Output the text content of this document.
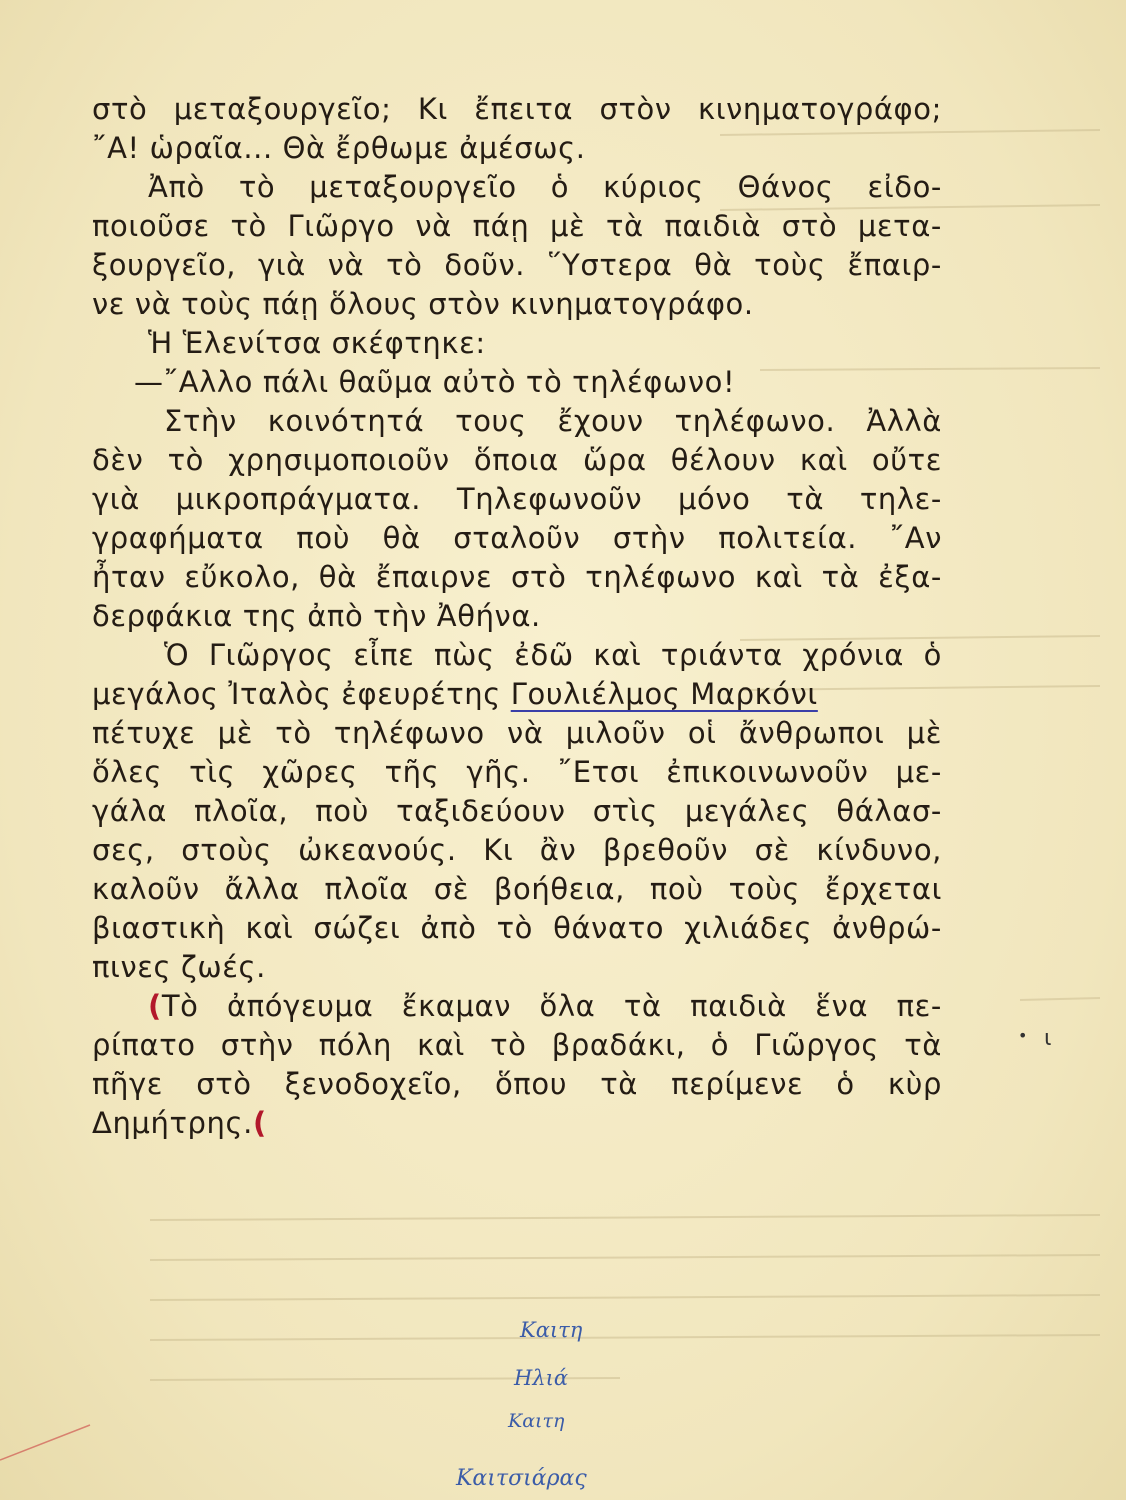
στὸ μεταξουργεῖο; Κι ἔπειτα στὸν κινηματογράφο;
῎Α! ὡραῖα... Θὰ ἔρθωμε ἀμέσως.
Ἀπὸ τὸ μεταξουργεῖο ὁ κύριος Θάνος εἰδο-
ποιοῦσε τὸ Γιῶργο νὰ πάῃ μὲ τὰ παιδιὰ στὸ μετα-
ξουργεῖο, γιὰ νὰ τὸ δοῦν. ῞Υστερα θὰ τοὺς ἔπαιρ-
νε νὰ τοὺς πάῃ ὅλους στὸν κινηματογράφο.
Ἡ Ἑλενίτσα σκέφτηκε:
—῎Αλλο πάλι θαῦμα αὐτὸ τὸ τηλέφωνο!
Στὴν κοινότητά τους ἔχουν τηλέφωνο. Ἀλλὰ
δὲν τὸ χρησιμοποιοῦν ὅποια ὥρα θέλουν καὶ οὔτε
γιὰ μικροπράγματα. Τηλεφωνοῦν μόνο τὰ τηλε-
γραφήματα ποὺ θὰ σταλοῦν στὴν πολιτεία. ῎Αν
ἦταν εὔκολο, θὰ ἔπαιρνε στὸ τηλέφωνο καὶ τὰ ἐξα-
δερφάκια της ἀπὸ τὴν Ἀθήνα.
Ὁ Γιῶργος εἶπε πὼς ἐδῶ καὶ τριάντα χρόνια ὁ
μεγάλος Ἰταλὸς ἐφευρέτης Γουλιέλμος Μαρκόνι
πέτυχε μὲ τὸ τηλέφωνο νὰ μιλοῦν οἱ ἄνθρωποι μὲ
ὅλες τὶς χῶρες τῆς γῆς. ῎Ετσι ἐπικοινωνοῦν με-
γάλα πλοῖα, ποὺ ταξιδεύουν στὶς μεγάλες θάλασ-
σες, στοὺς ὠκεανούς. Κι ἂν βρεθοῦν σὲ κίνδυνο,
καλοῦν ἄλλα πλοῖα σὲ βοήθεια, ποὺ τοὺς ἔρχεται
βιαστικὴ καὶ σώζει ἀπὸ τὸ θάνατο χιλιάδες ἀνθρώ-
πινες ζωές.
(Τὸ ἀπόγευμα ἔκαμαν ὅλα τὰ παιδιὰ ἕνα πε-
ρίπατο στὴν πόλη καὶ τὸ βραδάκι, ὁ Γιῶργος τὰ
πῆγε στὸ ξενοδοχεῖο, ὅπου τὰ περίμενε ὁ κὺρ
Δημήτρης.(
ɩ
•
Καιτη
Ηλιά
Καιτη
Καιτσιάρας
